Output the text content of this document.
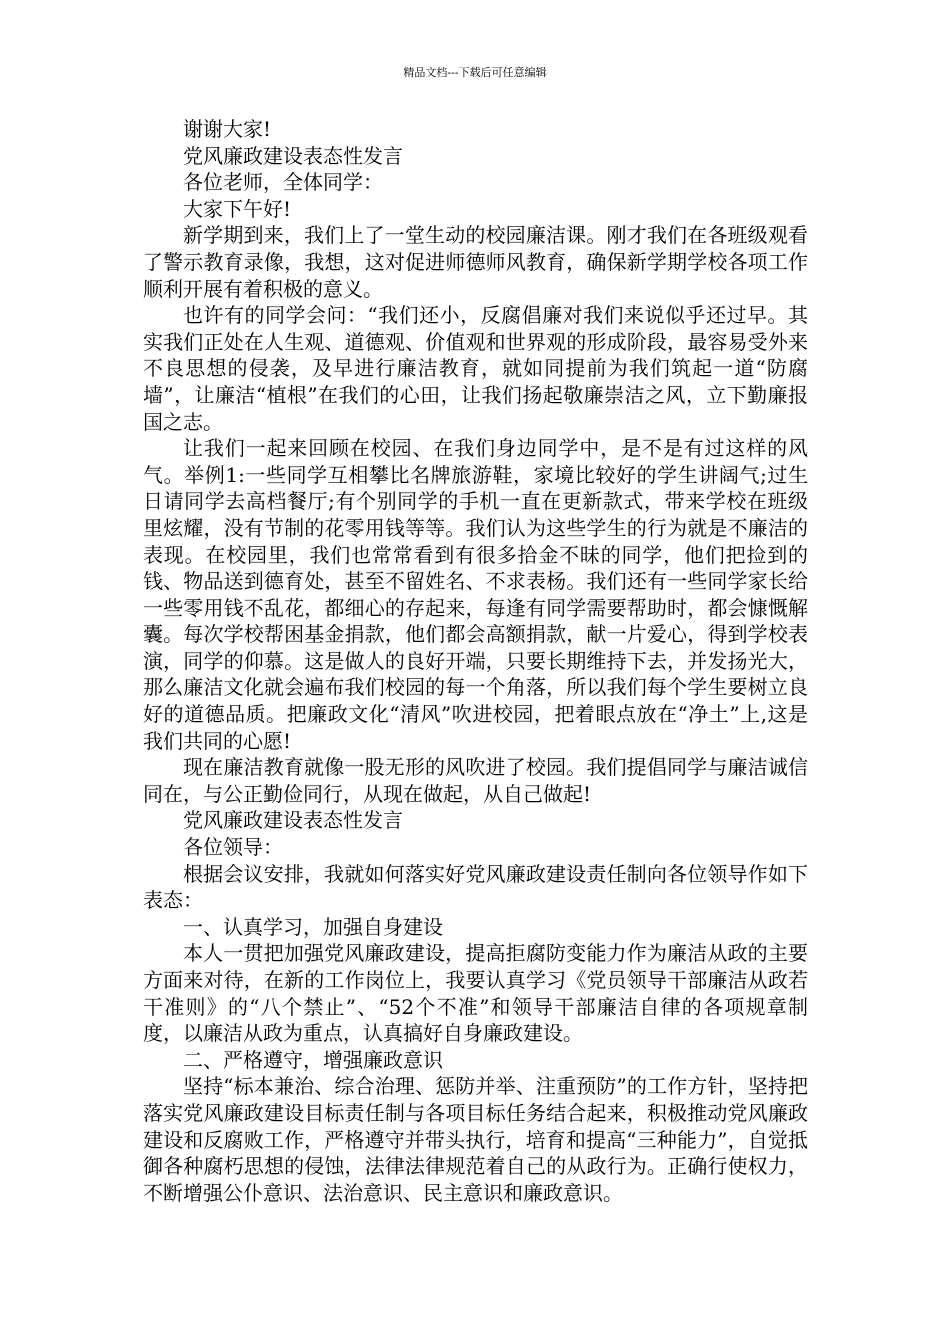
精品文档---下载后可任意编辑

谢谢大家!

党风廉政建设表态性发言

各位老师，全体同学：

大家下午好!

新学期到来，我们上了一堂生动的校园廉洁课。刚才我们在各班级观看了警示教育录像，我想，这对促进师德师风教育，确保新学期学校各项工作顺利开展有着积极的意义。

也许有的同学会问：“我们还小，反腐倡廉对我们来说似乎还过早。其实我们正处在人生观、道德观、价值观和世界观的形成阶段，最容易受外来不良思想的侵袭，及早进行廉洁教育，就如同提前为我们筑起一道“防腐墙”，让廉洁“植根”在我们的心田，让我们扬起敬廉崇洁之风，立下勤廉报国之志。

让我们一起来回顾在校园、在我们身边同学中，是不是有过这样的风气。举例1:一些同学互相攀比名牌旅游鞋，家境比较好的学生讲阔气;过生日请同学去高档餐厅;有个别同学的手机一直在更新款式，带来学校在班级里炫耀，没有节制的花零用钱等等。我们认为这些学生的行为就是不廉洁的表现。在校园里，我们也常常看到有很多拾金不昧的同学，他们把捡到的钱、物品送到德育处，甚至不留姓名、不求表杨。我们还有一些同学家长给一些零用钱不乱花，都细心的存起来，每逢有同学需要帮助时，都会慷慨解囊。每次学校帮困基金捐款，他们都会高额捐款，献一片爱心，得到学校表演，同学的仰慕。这是做人的良好开端，只要长期维持下去，并发扬光大，那么廉洁文化就会遍布我们校园的每一个角落，所以我们每个学生要树立良好的道德品质。把廉政文化“清风”吹进校园，把着眼点放在“净土”上,这是我们共同的心愿!

现在廉洁教育就像一股无形的风吹进了校园。我们提倡同学与廉洁诚信同在，与公正勤俭同行，从现在做起，从自己做起!

党风廉政建设表态性发言

各位领导：

根据会议安排，我就如何落实好党风廉政建设责任制向各位领导作如下表态：

一、认真学习，加强自身建设

本人一贯把加强党风廉政建设，提高拒腐防变能力作为廉洁从政的主要方面来对待，在新的工作岗位上，我要认真学习《党员领导干部廉洁从政若干准则》的“八个禁止”、“52个不准”和领导干部廉洁自律的各项规章制度，以廉洁从政为重点，认真搞好自身廉政建设。

二、严格遵守，增强廉政意识

坚持“标本兼治、综合治理、惩防并举、注重预防”的工作方针，坚持把落实党风廉政建设目标责任制与各项目标任务结合起来，积极推动党风廉政建设和反腐败工作，严格遵守并带头执行，培育和提高“三种能力”，自觉抵御各种腐朽思想的侵蚀，法律法律规范着自己的从政行为。正确行使权力，不断增强公仆意识、法治意识、民主意识和廉政意识。
